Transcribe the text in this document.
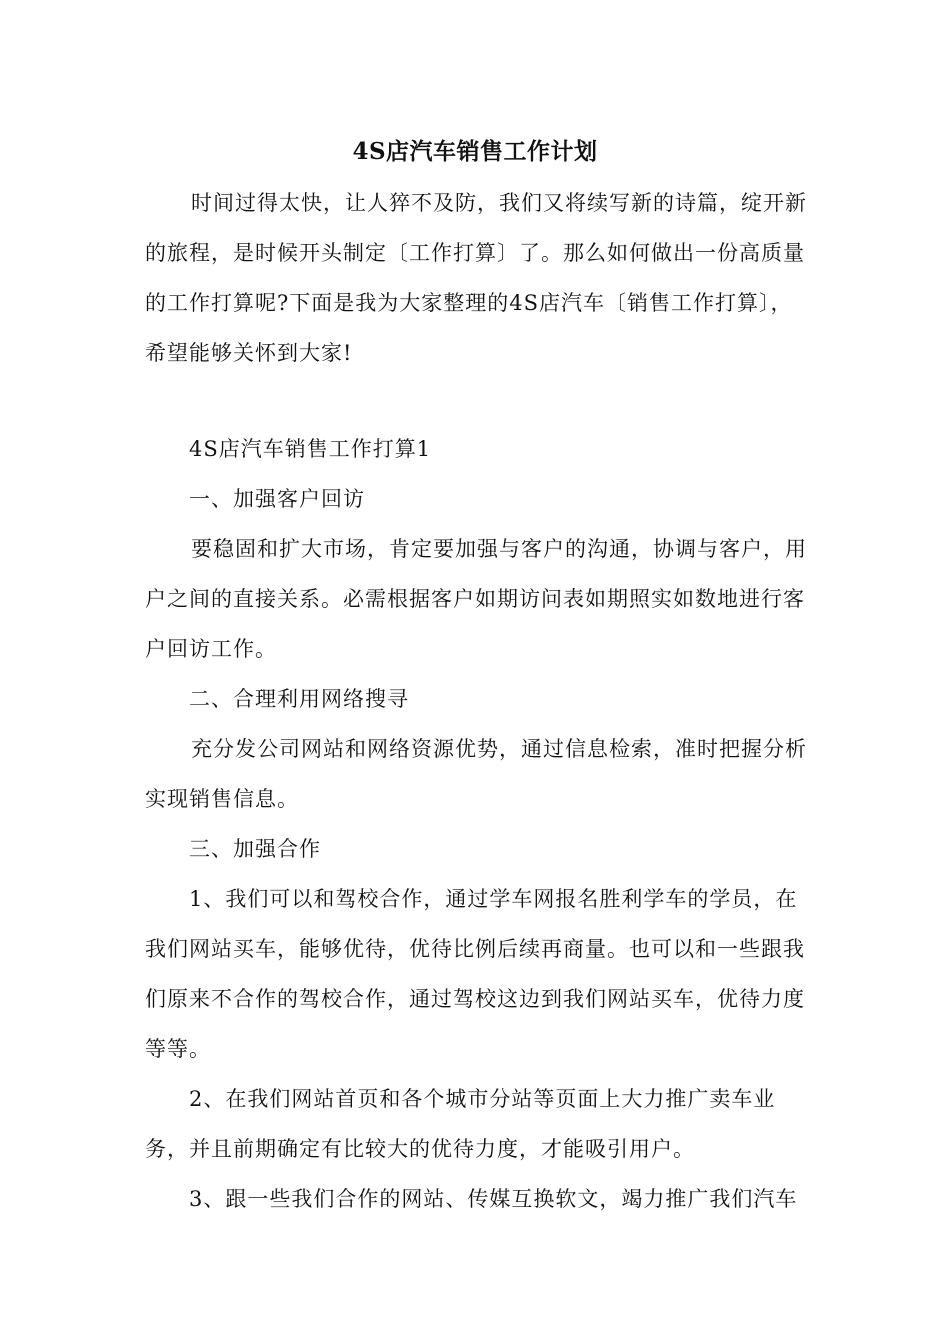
4S店汽车销售工作计划

时间过得太快，让人猝不及防，我们又将续写新的诗篇，绽开新的旅程，是时候开头制定〔工作打算〕了。那么如何做出一份高质量的工作打算呢?下面是我为大家整理的4S店汽车〔销售工作打算〕，希望能够关怀到大家!

4S店汽车销售工作打算1

一、加强客户回访

要稳固和扩大市场，肯定要加强与客户的沟通，协调与客户，用户之间的直接关系。必需根据客户如期访问表如期照实如数地进行客户回访工作。

二、合理利用网络搜寻

充分发公司网站和网络资源优势，通过信息检索，准时把握分析实现销售信息。

三、加强合作

1、我们可以和驾校合作，通过学车网报名胜利学车的学员，在我们网站买车，能够优待，优待比例后续再商量。也可以和一些跟我们原来不合作的驾校合作，通过驾校这边到我们网站买车，优待力度等等。

2、在我们网站首页和各个城市分站等页面上大力推广卖车业务，并且前期确定有比较大的优待力度，才能吸引用户。

3、跟一些我们合作的网站、传媒互换软文，竭力推广我们汽车
